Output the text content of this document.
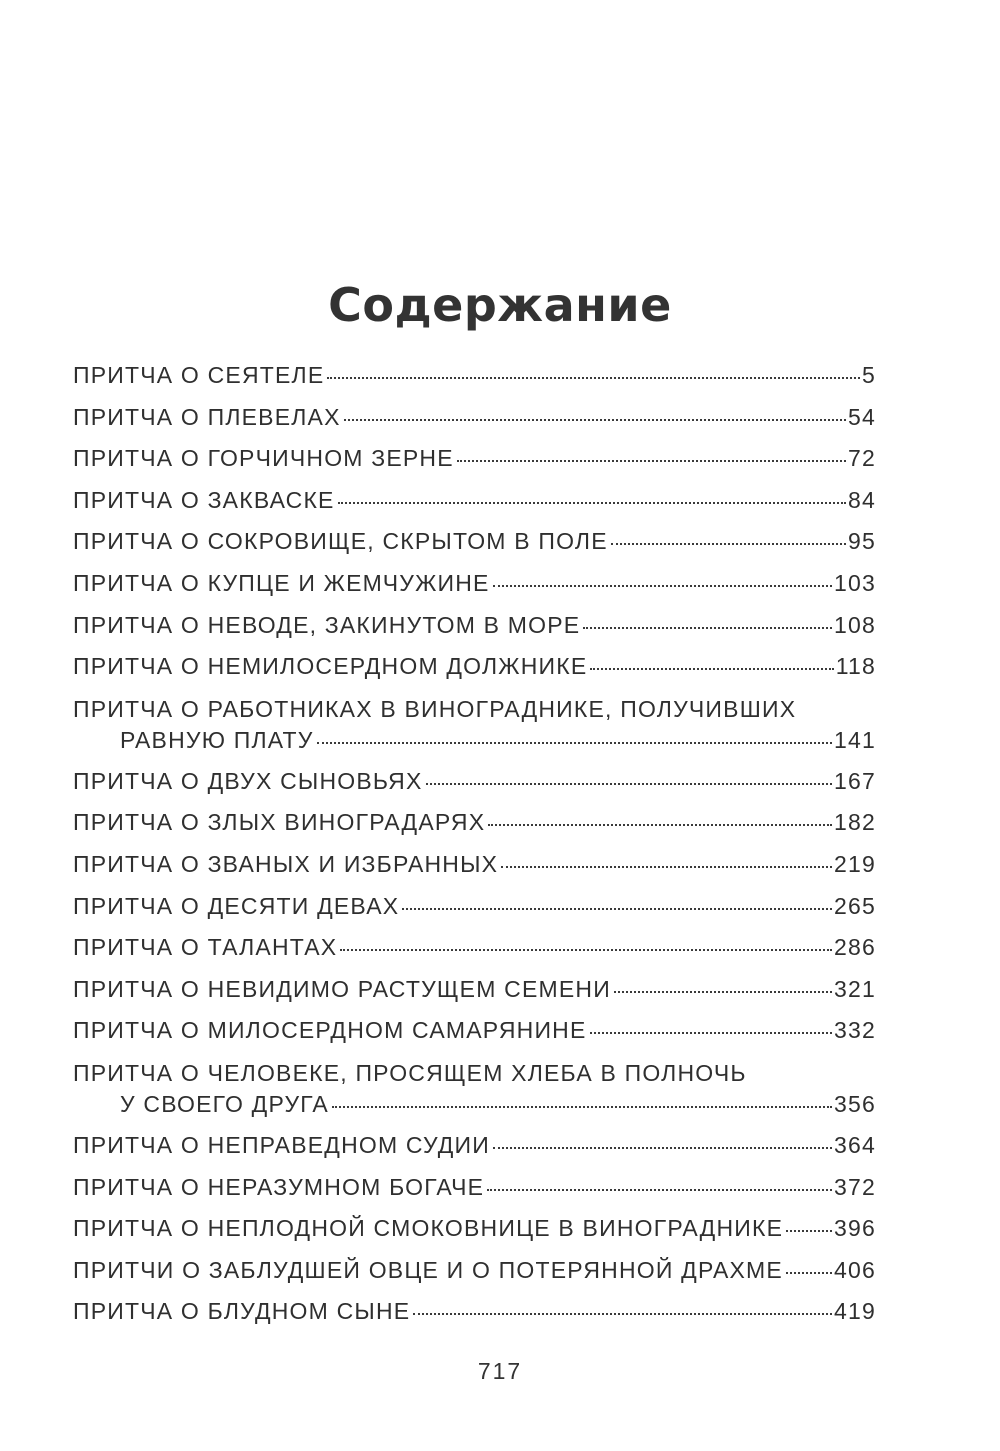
Содержание
ПРИТЧА О СЕЯТЕЛЕ	5
ПРИТЧА О ПЛЕВЕЛАХ	54
ПРИТЧА О ГОРЧИЧНОМ ЗЕРНЕ	72
ПРИТЧА О ЗАКВАСКЕ	84
ПРИТЧА О СОКРОВИЩЕ, СКРЫТОМ В ПОЛЕ	95
ПРИТЧА О КУПЦЕ И ЖЕМЧУЖИНЕ	103
ПРИТЧА О НЕВОДЕ, ЗАКИНУТОМ В МОРЕ	108
ПРИТЧА О НЕМИЛОСЕРДНОМ ДОЛЖНИКЕ	118
ПРИТЧА О РАБОТНИКАХ В ВИНОГРАДНИКЕ, ПОЛУЧИВШИХ
РАВНУЮ ПЛАТУ	141
ПРИТЧА О ДВУХ СЫНОВЬЯХ	167
ПРИТЧА О ЗЛЫХ ВИНОГРАДАРЯХ	182
ПРИТЧА О ЗВАНЫХ И ИЗБРАННЫХ	219
ПРИТЧА О ДЕСЯТИ ДЕВАХ	265
ПРИТЧА О ТАЛАНТАХ	286
ПРИТЧА О НЕВИДИМО РАСТУЩЕМ СЕМЕНИ	321
ПРИТЧА О МИЛОСЕРДНОМ САМАРЯНИНЕ	332
ПРИТЧА О ЧЕЛОВЕКЕ, ПРОСЯЩЕМ ХЛЕБА В ПОЛНОЧЬ
У СВОЕГО ДРУГА	356
ПРИТЧА О НЕПРАВЕДНОМ СУДИИ	364
ПРИТЧА О НЕРАЗУМНОМ БОГАЧЕ	372
ПРИТЧА О НЕПЛОДНОЙ СМОКОВНИЦЕ В ВИНОГРАДНИКЕ 396
ПРИТЧИ О ЗАБЛУДШЕЙ ОВЦЕ И О ПОТЕРЯННОЙ ДРАХМЕ 406
ПРИТЧА О БЛУДНОМ СЫНЕ	419
717
